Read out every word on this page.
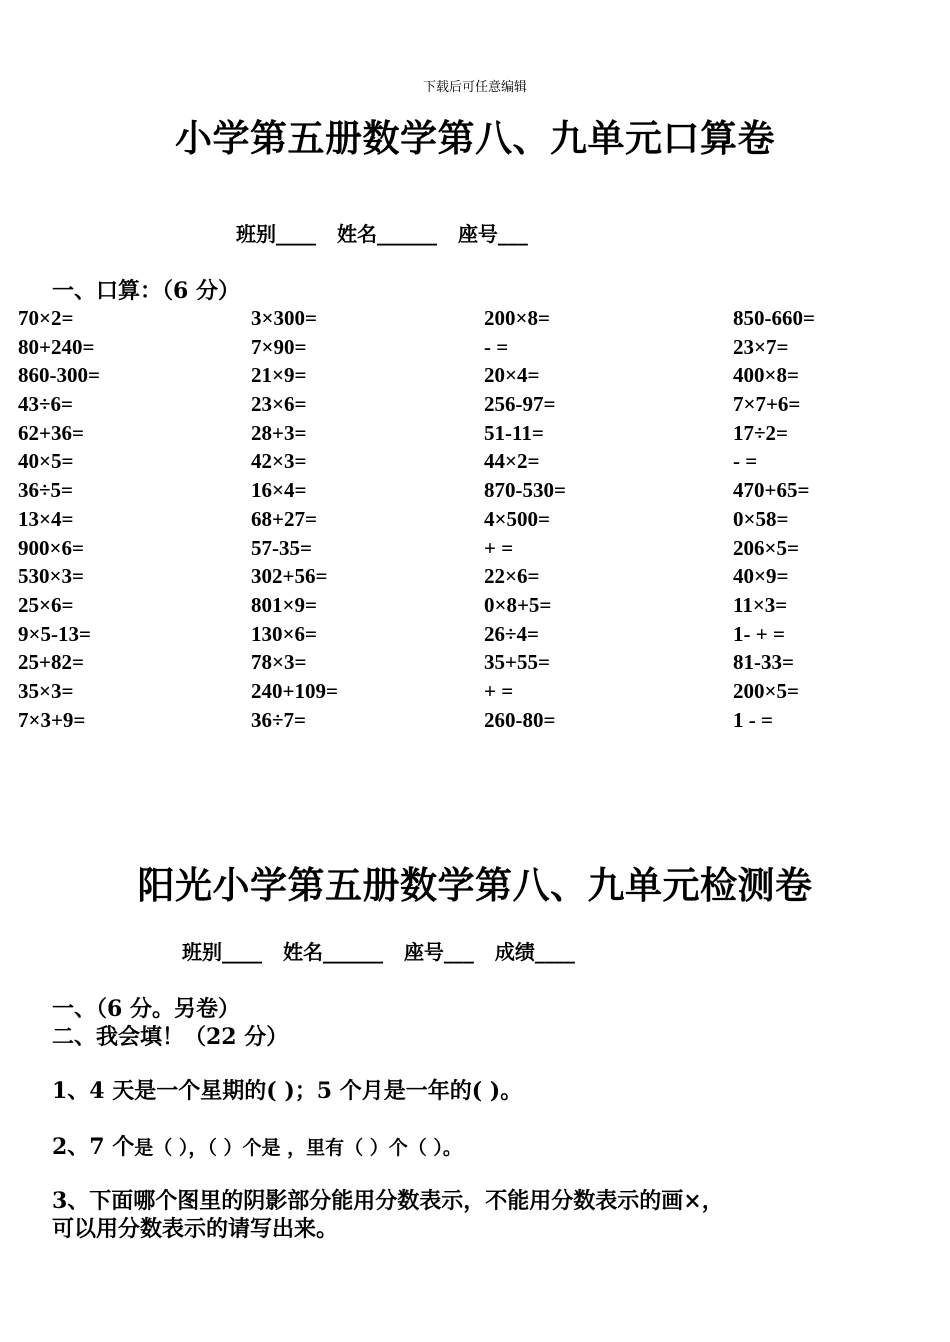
下载后可任意编辑
小学第五册数学第八、九单元口算卷
班别____ 姓名______ 座号___
一、口算：（6 分）
70×2=
80+240=
860-300=
43÷6=
62+36=
40×5=
36÷5=
13×4=
900×6=
530×3=
25×6=
9×5-13=
25+82=
35×3=
7×3+9=
3×300=
7×90=
21×9=
23×6=
28+3=
42×3=
16×4=
68+27=
57-35=
302+56=
801×9=
130×6=
78×3=
240+109=
36÷7=
200×8=
- =
20×4=
256-97=
51-11=
44×2=
870-530=
4×500=
+ =
22×6=
0×8+5=
26÷4=
35+55=
+ =
260-80=
850-660=
23×7=
400×8=
7×7+6=
17÷2=
- =
470+65=
0×58=
206×5=
40×9=
11×3=
1- + =
81-33=
200×5=
1 - =
阳光小学第五册数学第八、九单元检测卷
班别____ 姓名______ 座号___ 成绩____
一、（6 分。另卷）
二、我会填！（22 分）
1、4 天是一个星期的( )；5 个月是一年的( )。
2、7 个是（ ），（ ）个是 ，里有（ ）个（ ）。
3、下面哪个图里的阴影部分能用分数表示，不能用分数表示的画×，
可以用分数表示的请写出来。
